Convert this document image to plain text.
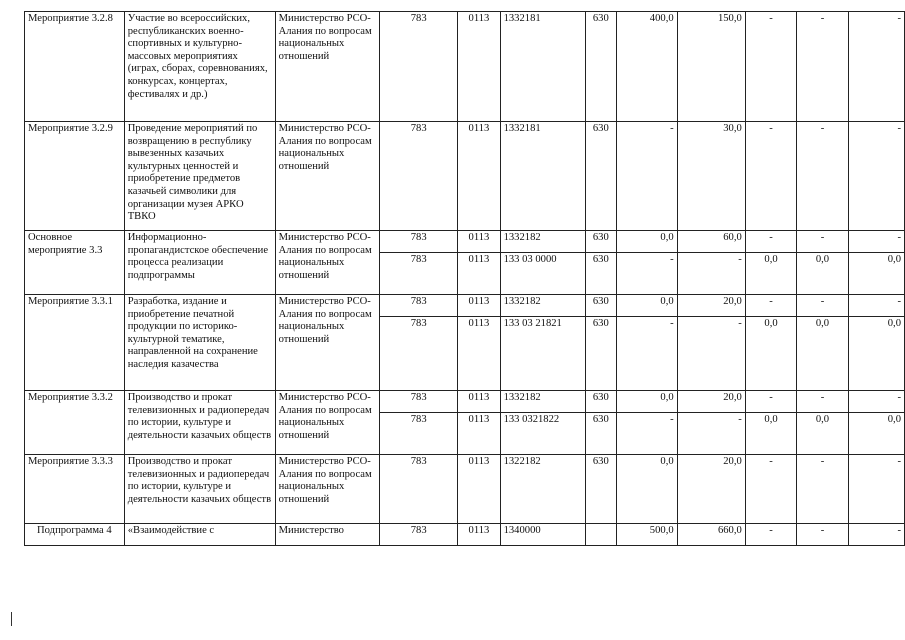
Мероприятие 3.2.8	Участие во всероссийских, республиканских военно-спортивных и культурно-массовых мероприятиях (играх, сборах, соревнованиях, конкурсах, концертах, фестивалях и др.)	Министерство РСО-Алания по вопросам национальных отношений	783	0113	1332181	630	400,0	150,0	-	-	-
Мероприятие 3.2.9	Проведение мероприятий по возвращению в республику вывезенных казачьих культурных ценностей и приобретение предметов казачьей символики для организации музея АРКО ТВКО	Министерство РСО-Алания по вопросам национальных отношений	783	0113	1332181	630	-	30,0	-	-	-
Основное мероприятие 3.3	Информационно-пропагандистское обеспечение процесса реализации подпрограммы	Министерство РСО-Алания по вопросам национальных отношений	783	0113	1332182	630	0,0	60,0	-	-	-
			783	0113	133 03 0000	630	-	-	0,0	0,0	0,0
Мероприятие 3.3.1	Разработка, издание и приобретение печатной продукции по историко-культурной тематике, направленной на сохранение наследия казачества	Министерство РСО-Алания по вопросам национальных отношений	783	0113	1332182	630	0,0	20,0	-	-	-
			783	0113	133 03 21821	630	-	-	0,0	0,0	0,0
Мероприятие 3.3.2	Производство и прокат телевизионных и радиопередач по истории, культуре и деятельности казачьих обществ	Министерство РСО-Алания по вопросам национальных отношений	783	0113	1332182	630	0,0	20,0	-	-	-
			783	0113	133 0321822	630	-	-	0,0	0,0	0,0
Мероприятие 3.3.3	Производство и прокат телевизионных и радиопередач по истории, культуре и деятельности казачьих обществ	Министерство РСО-Алания по вопросам национальных отношений	783	0113	1322182	630	0,0	20,0	-	-	-
Подпрограмма 4	«Взаимодействие с	Министерство	783	0113	1340000		500,0	660,0	-	-	-
